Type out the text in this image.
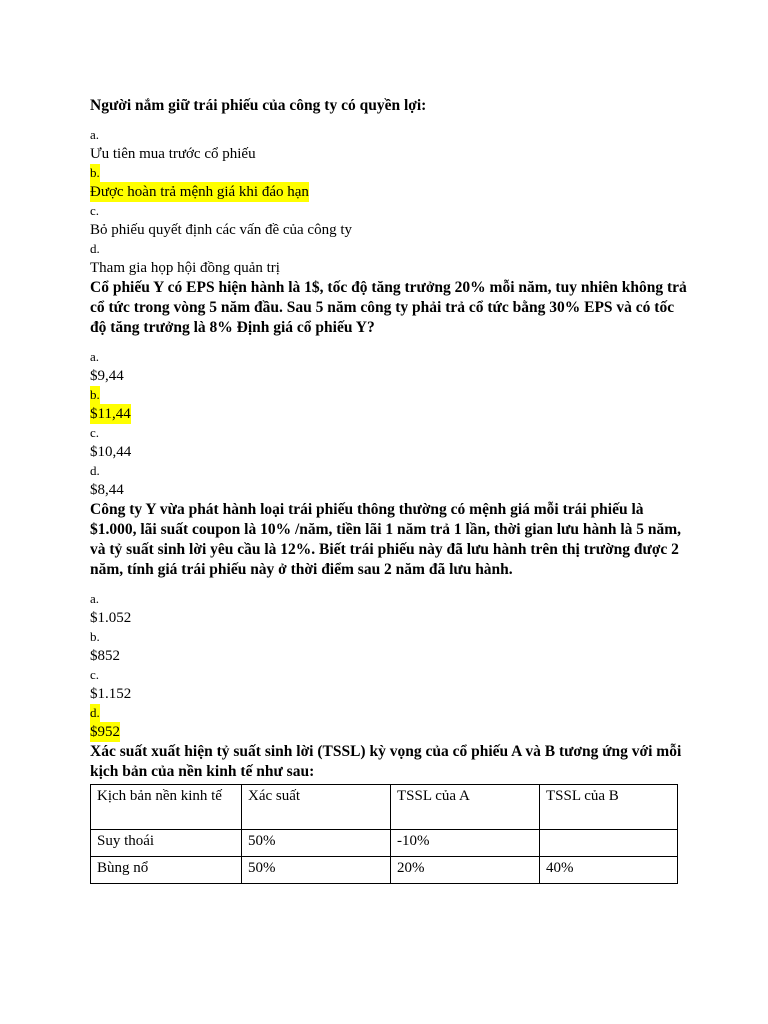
Người nắm giữ trái phiếu của công ty có quyền lợi:

a.
Ưu tiên mua trước cổ phiếu
b.
Được hoàn trả mệnh giá khi đáo hạn
c.
Bỏ phiếu quyết định các vấn đề của công ty
d.
Tham gia họp hội đồng quản trị

Cổ phiếu Y có EPS hiện hành là 1$, tốc độ tăng trưởng 20% mỗi năm, tuy nhiên không trả cổ tức trong vòng 5 năm đầu. Sau 5 năm công ty phải trả cổ tức bằng 30% EPS và có tốc độ tăng trưởng là 8% Định giá cổ phiếu Y?

a.
$9,44
b.
$11,44
c.
$10,44
d.
$8,44

Công ty Y vừa phát hành loại trái phiếu thông thường có mệnh giá mỗi trái phiếu là $1.000, lãi suất coupon là 10% /năm, tiền lãi 1 năm trả 1 lần, thời gian lưu hành là 5 năm, và tỷ suất sinh lời yêu cầu là 12%. Biết trái phiếu này đã lưu hành trên thị trường được 2 năm, tính giá trái phiếu này ở thời điểm sau 2 năm đã lưu hành.

a.
$1.052
b.
$852
c.
$1.152
d.
$952

Xác suất xuất hiện tỷ suất sinh lời (TSSL) kỳ vọng của cổ phiếu A và B tương ứng với mỗi kịch bản của nền kinh tế như sau:

Kịch bản nền kinh tế	Xác suất	TSSL của A	TSSL của B
Suy thoái	50%	-10%	
Bùng nổ	50%	20%	40%
